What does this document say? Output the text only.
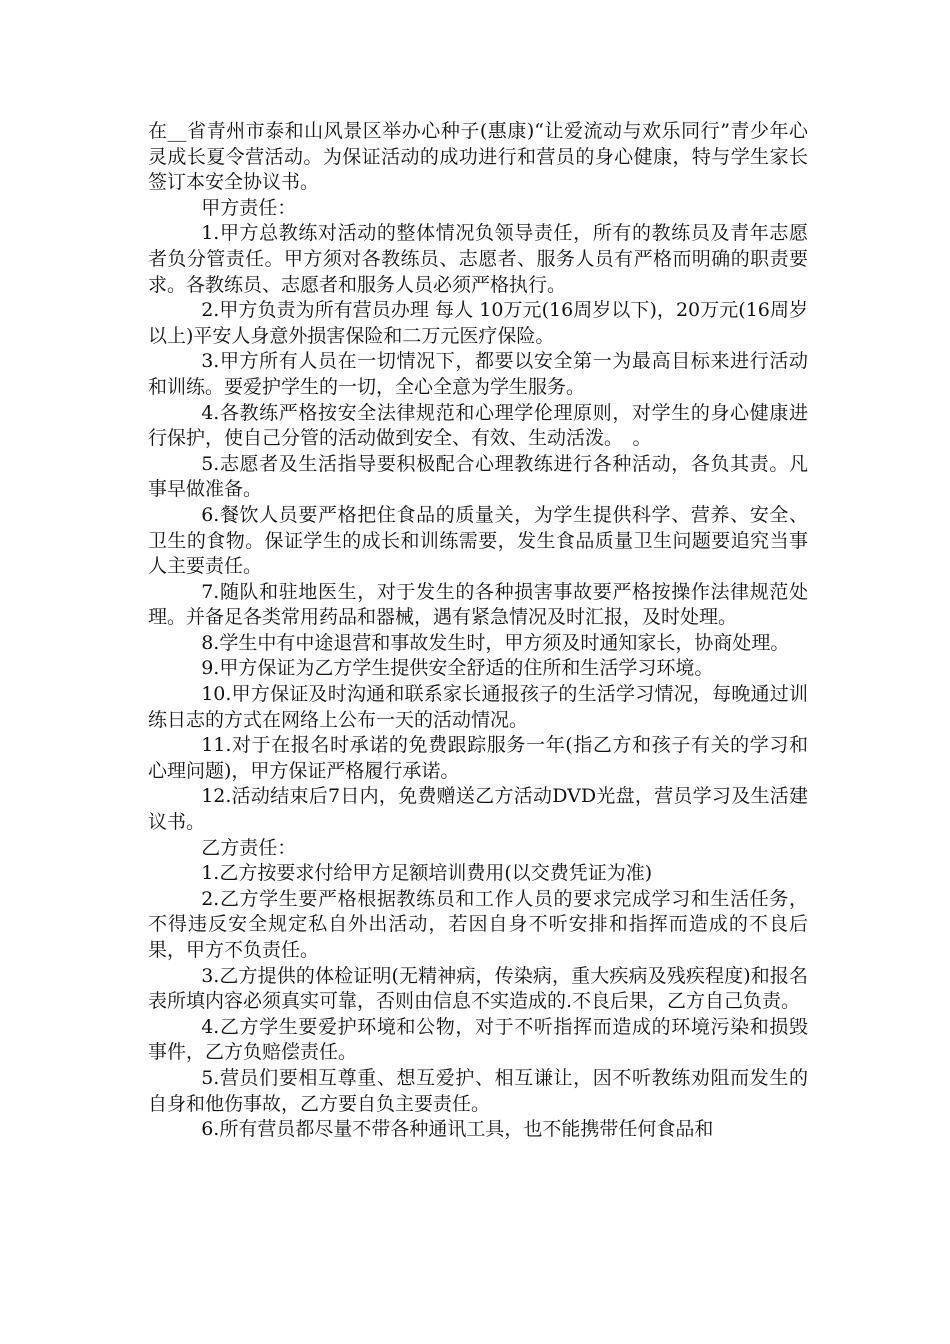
在__省青州市泰和山风景区举办心种子(惠康)“让爱流动与欢乐同行”青少年心灵成长夏令营活动。为保证活动的成功进行和营员的身心健康，特与学生家长签订本安全协议书。

甲方责任：

1.甲方总教练对活动的整体情况负领导责任，所有的教练员及青年志愿者负分管责任。甲方须对各教练员、志愿者、服务人员有严格而明确的职责要求。各教练员、志愿者和服务人员必须严格执行。

2.甲方负责为所有营员办理 每人 10万元(16周岁以下)，20万元(16周岁以上)平安人身意外损害保险和二万元医疗保险。

3.甲方所有人员在一切情况下，都要以安全第一为最高目标来进行活动和训练。要爱护学生的一切，全心全意为学生服务。

4.各教练严格按安全法律规范和心理学伦理原则，对学生的身心健康进行保护，使自己分管的活动做到安全、有效、生动活泼。　。

5.志愿者及生活指导要积极配合心理教练进行各种活动，各负其责。凡事早做准备。

6.餐饮人员要严格把住食品的质量关，为学生提供科学、营养、安全、卫生的食物。保证学生的成长和训练需要，发生食品质量卫生问题要追究当事人主要责任。

7.随队和驻地医生，对于发生的各种损害事故要严格按操作法律规范处理。并备足各类常用药品和器械，遇有紧急情况及时汇报，及时处理。

8.学生中有中途退营和事故发生时，甲方须及时通知家长，协商处理。

9.甲方保证为乙方学生提供安全舒适的住所和生活学习环境。

10.甲方保证及时沟通和联系家长通报孩子的生活学习情况，每晚通过训练日志的方式在网络上公布一天的活动情况。

11.对于在报名时承诺的免费跟踪服务一年(指乙方和孩子有关的学习和心理问题)，甲方保证严格履行承诺。

12.活动结束后7日内，免费赠送乙方活动DVD光盘，营员学习及生活建议书。

乙方责任：

1.乙方按要求付给甲方足额培训费用(以交费凭证为准)

2.乙方学生要严格根据教练员和工作人员的要求完成学习和生活任务，不得违反安全规定私自外出活动，若因自身不听安排和指挥而造成的不良后果，甲方不负责任。

3.乙方提供的体检证明(无精神病，传染病，重大疾病及残疾程度)和报名表所填内容必须真实可靠，否则由信息不实造成的.不良后果，乙方自己负责。

4.乙方学生要爱护环境和公物，对于不听指挥而造成的环境污染和损毁事件，乙方负赔偿责任。

5.营员们要相互尊重、想互爱护、相互谦让，因不听教练劝阻而发生的自身和他伤事故，乙方要自负主要责任。

6.所有营员都尽量不带各种通讯工具，也不能携带任何食品和
